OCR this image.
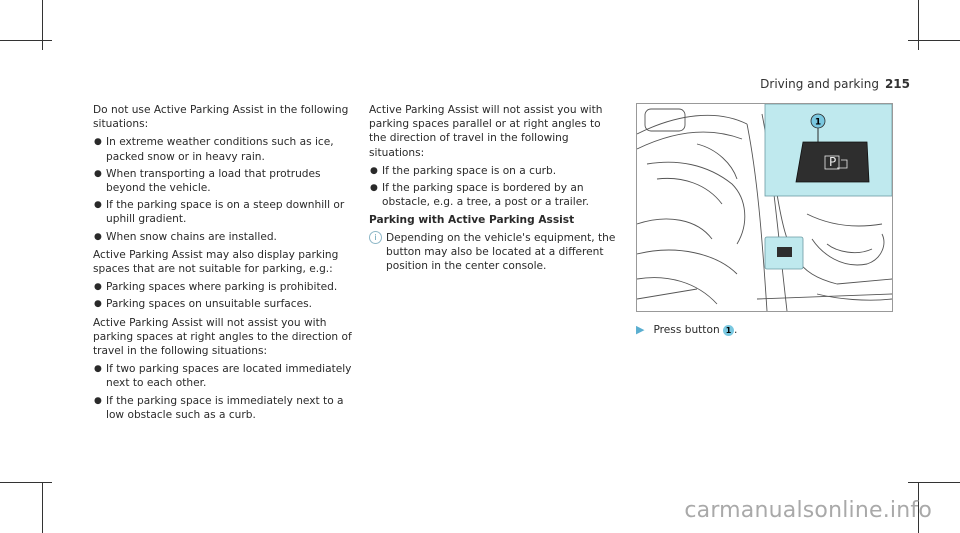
Driving and parking 215

Do not use Active Parking Assist in the following situations:

● In extreme weather conditions such as ice, packed snow or in heavy rain.
● When transporting a load that protrudes beyond the vehicle.
● If the parking space is on a steep downhill or uphill gradient.
● When snow chains are installed.

Active Parking Assist may also display parking spaces that are not suitable for parking, e.g.:

● Parking spaces where parking is prohibited.
● Parking spaces on unsuitable surfaces.

Active Parking Assist will not assist you with parking spaces at right angles to the direction of travel in the following situations:

● If two parking spaces are located immediately next to each other.
● If the parking space is immediately next to a low obstacle such as a curb.

Active Parking Assist will not assist you with parking spaces parallel or at right angles to the direction of travel in the following situations:

● If the parking space is on a curb.
● If the parking space is bordered by an obstacle, e.g. a tree, a post or a trailer.
Parking with Active Parking Assist
i Depending on the vehicle's equipment, the button may also be located at a different position in the center console.
1
P
▶ Press button 1 .
carmanualsonline.info
